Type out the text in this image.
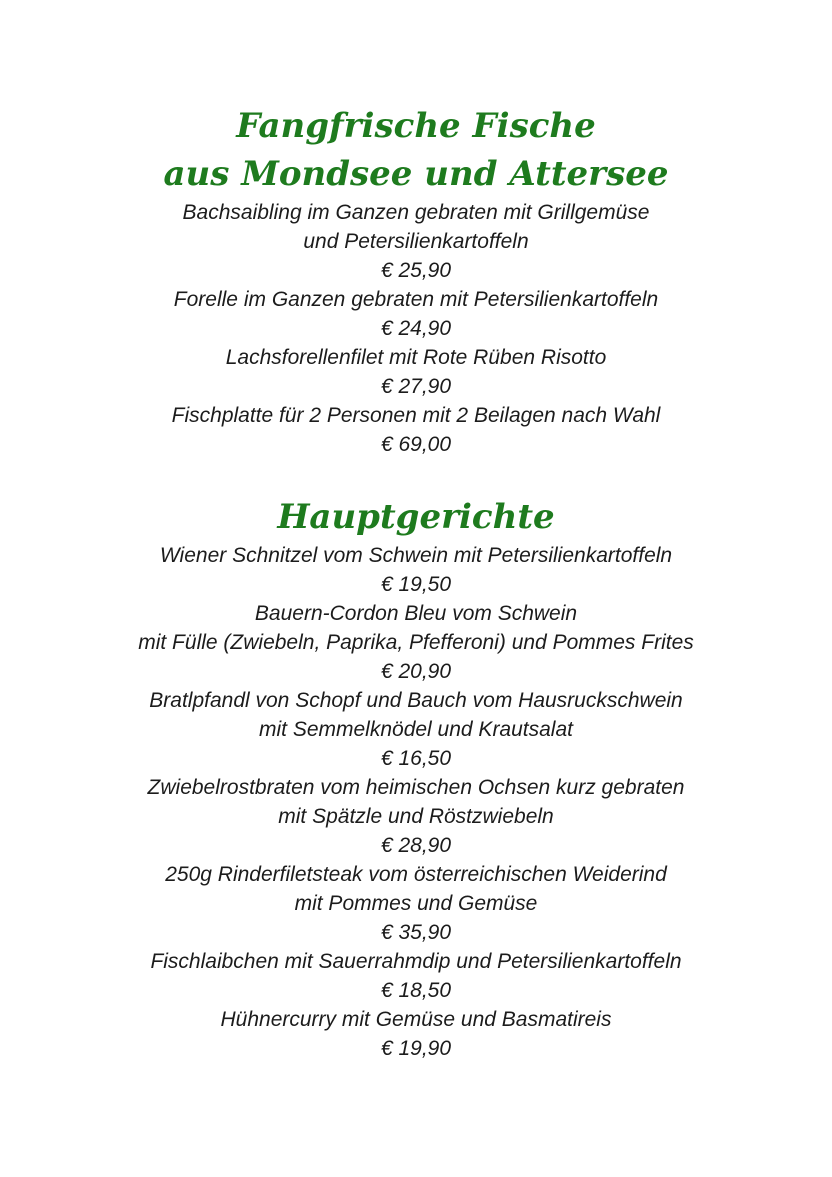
Fangfrische Fische
aus Mondsee und Attersee
Bachsaibling im Ganzen gebraten mit Grillgemüse
und Petersilienkartoffeln
€ 25,90
Forelle im Ganzen gebraten mit Petersilienkartoffeln
€ 24,90
Lachsforellenfilet mit Rote Rüben Risotto
€ 27,90
Fischplatte für 2 Personen mit 2 Beilagen nach Wahl
€ 69,00
Hauptgerichte
Wiener Schnitzel vom Schwein mit Petersilienkartoffeln
€ 19,50
Bauern-Cordon Bleu vom Schwein
mit Fülle (Zwiebeln, Paprika, Pfefferoni) und Pommes Frites
€ 20,90
Bratlpfandl von Schopf und Bauch vom Hausruckschwein
mit Semmelknödel und Krautsalat
€ 16,50
Zwiebelrostbraten vom heimischen Ochsen kurz gebraten
mit Spätzle und Röstzwiebeln
€ 28,90
250g Rinderfiletsteak vom österreichischen Weiderind
mit Pommes und Gemüse
€ 35,90
Fischlaibchen mit Sauerrahmdip und Petersilienkartoffeln
€ 18,50
Hühnercurry mit Gemüse und Basmatireis
€ 19,90
